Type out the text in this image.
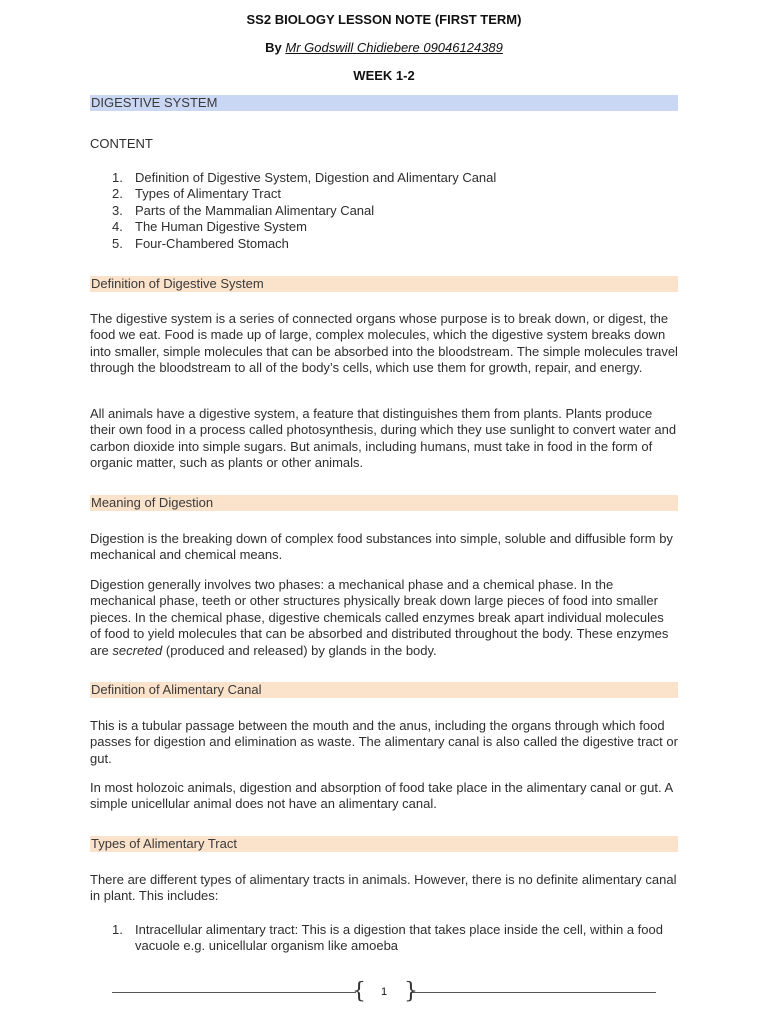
SS2 BIOLOGY LESSON NOTE (FIRST TERM)
By Mr Godswill Chidiebere 09046124389
WEEK 1-2
DIGESTIVE SYSTEM
CONTENT
1. Definition of Digestive System, Digestion and Alimentary Canal
2. Types of Alimentary Tract
3. Parts of the Mammalian Alimentary Canal
4. The Human Digestive System
5. Four-Chambered Stomach
Definition of Digestive System
The digestive system is a series of connected organs whose purpose is to break down, or digest, the food we eat. Food is made up of large, complex molecules, which the digestive system breaks down into smaller, simple molecules that can be absorbed into the bloodstream. The simple molecules travel through the bloodstream to all of the body’s cells, which use them for growth, repair, and energy.
All animals have a digestive system, a feature that distinguishes them from plants. Plants produce their own food in a process called photosynthesis, during which they use sunlight to convert water and carbon dioxide into simple sugars. But animals, including humans, must take in food in the form of organic matter, such as plants or other animals.
Meaning of Digestion
Digestion is the breaking down of complex food substances into simple, soluble and diffusible form by mechanical and chemical means.
Digestion generally involves two phases: a mechanical phase and a chemical phase. In the mechanical phase, teeth or other structures physically break down large pieces of food into smaller pieces. In the chemical phase, digestive chemicals called enzymes break apart individual molecules of food to yield molecules that can be absorbed and distributed throughout the body. These enzymes are secreted (produced and released) by glands in the body.
Definition of Alimentary Canal
This is a tubular passage between the mouth and the anus, including the organs through which food passes for digestion and elimination as waste. The alimentary canal is also called the digestive tract or gut.
In most holozoic animals, digestion and absorption of food take place in the alimentary canal or gut. A simple unicellular animal does not have an alimentary canal.
Types of Alimentary Tract
There are different types of alimentary tracts in animals. However, there is no definite alimentary canal in plant. This includes:
1. Intracellular alimentary tract: This is a digestion that takes place inside the cell, within a food vacuole e.g. unicellular organism like amoeba
{ }
1
